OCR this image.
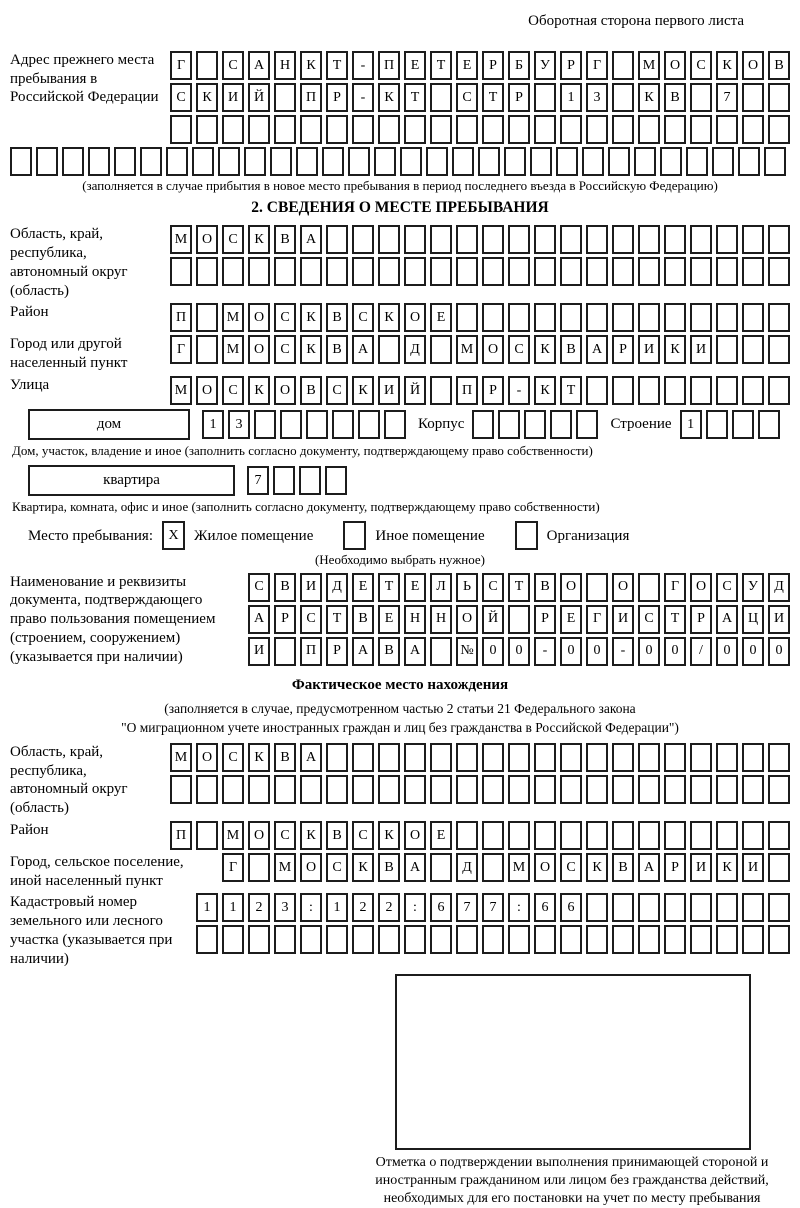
Оборотная сторона первого листа
Адрес прежнего места пребывания в Российской Федерации
Г	С	А	Н	К	Т	-	П	Е	Т	Е	Р	Б	У	Р	Г	М	О	С	К	О	В
С	К	И	Й	П	Р	-	К	Т	С	Т	Р	1	3	К	В	7
(заполняется в случае прибытия в новое место пребывания в период последнего въезда в Российскую Федерацию)
2. СВЕДЕНИЯ О МЕСТЕ ПРЕБЫВАНИЯ
Область, край, республика, автономный округ (область)
М	О	С	К	В	А
Район	П	М	О	С	К	В	С	К	О	Е
Город или другой населенный пункт
Г	М	О	С	К	В	А	Д	М	О	С	К	В	А	Р	И	К	И
Улица	М	О	С	К	О	В	С	К	И	Й	П	Р	-	К	Т
дом	1	3	Корпус	Строение	1
Дом, участок, владение и иное (заполнить согласно документу, подтверждающему право собственности)
квартира	7
Квартира, комната, офис и иное (заполнить согласно документу, подтверждающему право собственности)
Место пребывания: X Жилое помещение	Иное помещение	Организация
(Необходимо выбрать нужное)
Наименование и реквизиты документа, подтверждающего право пользования помещением (строением, сооружением) (указывается при наличии)
С	В	И	Д	Е	Т	Е	Л	Ь	С	Т	В	О	О	Г	О	С	У	Д
А	Р	С	Т	В	Е	Н	Н	О	Й	Р	Е	Г	И	С	Т	Р	А	Ц	И
И	П	Р	А	В	А	№	0	0	-	0	0	-	0	0	/	0	0	0
Фактическое место нахождения
(заполняется в случае, предусмотренном частью 2 статьи 21 Федерального закона
"О миграционном учете иностранных граждан и лиц без гражданства в Российской Федерации")
Область, край, республика, автономный округ (область)
М	О	С	К	В	А
Район	П	М	О	С	К	В	С	К	О	Е
Город, сельское поселение, иной населенный пункт
Г	М	О	С	К	В	А	Д	М	О	С	К	В	А	Р	И	К	И
Кадастровый номер земельного или лесного участка (указывается при наличии)
1	1	2	3	:	1	2	2	:	6	7	7	:	6	6
Отметка о подтверждении выполнения принимающей стороной и иностранным гражданином или лицом без гражданства действий, необходимых для его постановки на учет по месту пребывания
